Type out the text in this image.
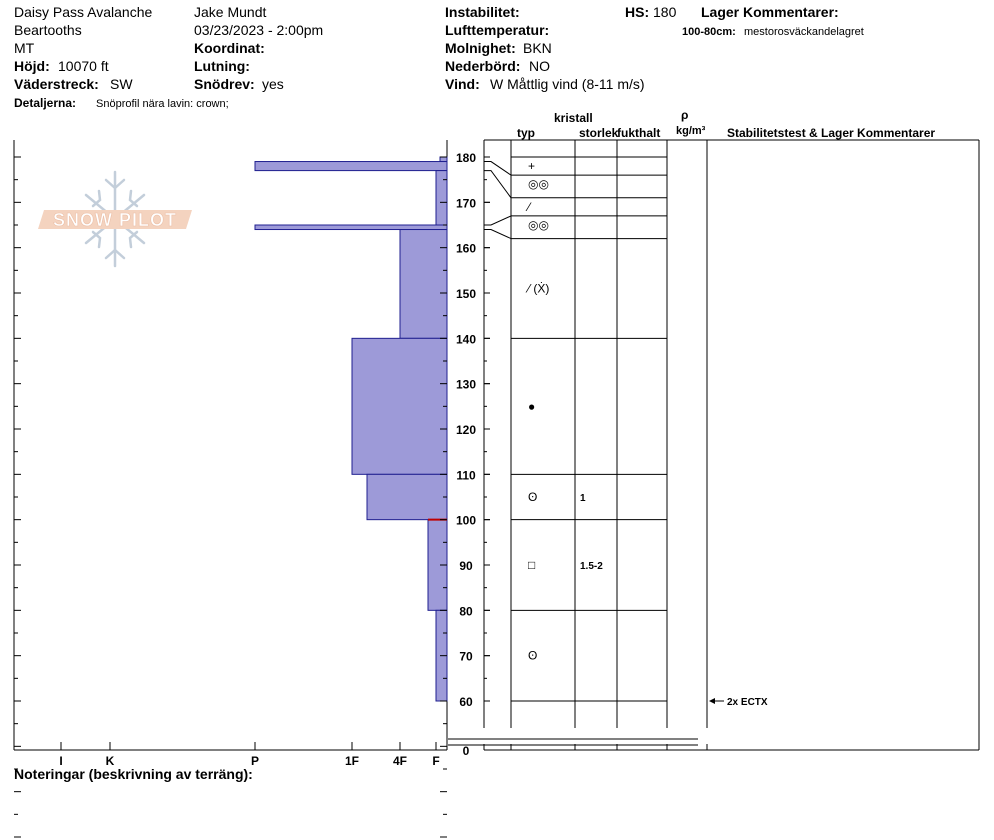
Daisy Pass Avalanche
Beartooths
MT
Höjd: 10070 ft
Väderstreck: SW
Detaljerna: Snöprofil nära lavin: crown;
Jake Mundt
03/23/2023 - 2:00pm
Koordinat:
Lutning:
Snödrev: yes
Instabilitet:
Lufttemperatur:
Molnighet: BKN
Nederbörd: NO
Vind: W Måttlig vind (8-11 m/s)
HS: 180 Lager Kommentarer:
100-80cm: mestorosväckandelagret
kristall
typ	storlek
fukthalt
ρ
kg/m³ Stabilitetstest & Lager Kommentarer
Noteringar (beskrivning av terräng):
SNOW PILOT
I	K	P	1F	4F F
0
60
70
80
90
100
110
120
130
140
150
160
170
180
+
◎◎
⁄
◎◎
⁄ (Ẋ)
●
ʘ	1
□	1.5-2
ʘ
2x ECTX
